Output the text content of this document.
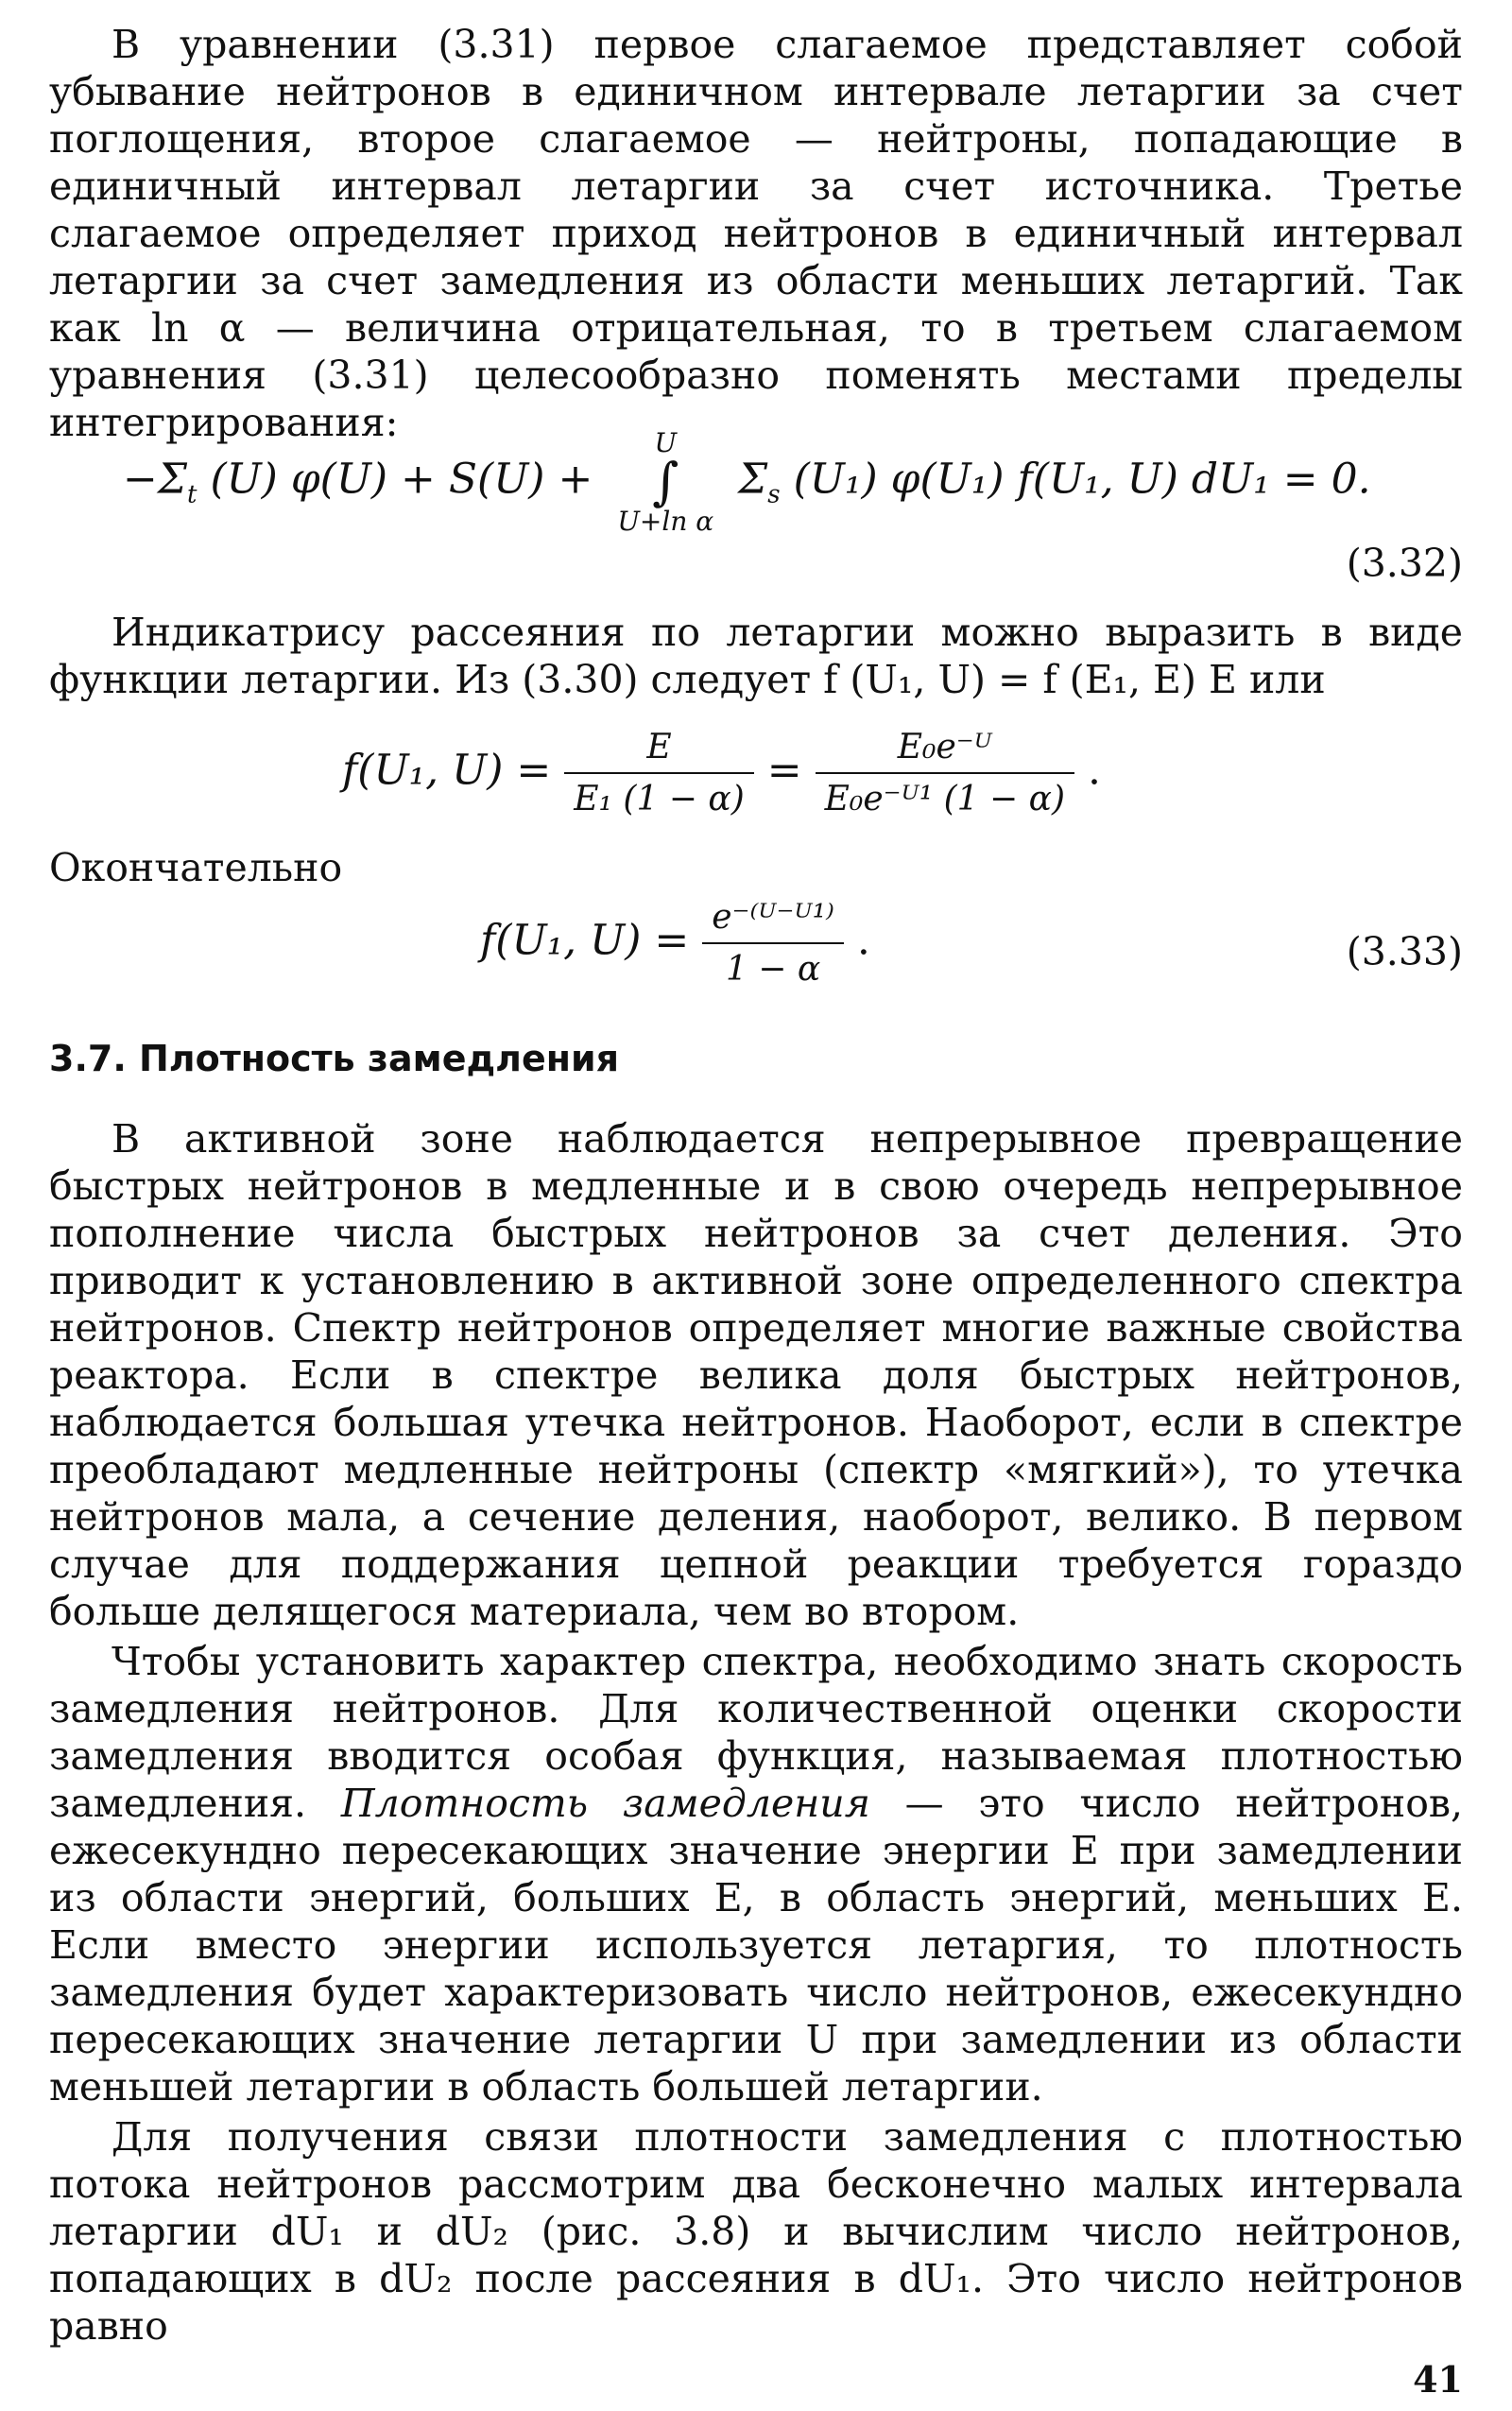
В уравнении (3.31) первое слагаемое представляет собой убывание нейтронов в единичном интервале летаргии за счет поглощения, второе слагаемое — нейтроны, попадающие в единичный интервал летаргии за счет источника. Третье слагаемое определяет приход нейтронов в единичный интервал летаргии за счет замедления из области меньших летаргий. Так как ln α — величина отрицательная, то в третьем слагаемом уравнения (3.31) целесообразно поменять местами пределы интегрирования:

$-\Sigma_t$ (U) φ(U) + S(U) +
U
∫
U+ln α
$\Sigma_s$ (U₁) φ(U₁) f(U₁, U) dU₁ = 0.
(3.32)

Индикатрису рассеяния по летаргии можно выразить в виде функции летаргии. Из (3.30) следует f (U₁, U) = f (E₁, E) E или

f(U₁, $U) = \frac{E}{\text{E₁ (1 − α)}} = \frac{\text{E₀e⁻ᵁ}}{\text{E₀e⁻ᵁ¹ (1 − α)}}$ .

Окончательно

f(U₁, $U) = \frac{\text{e⁻⁽ᵁ⁻ᵁ¹⁾}}{1 - \alpha}$ .	(3.33)
3.7. Плотность замедления

В активной зоне наблюдается непрерывное превращение быстрых нейтронов в медленные и в свою очередь непрерывное пополнение числа быстрых нейтронов за счет деления. Это приводит к установлению в активной зоне определенного спектра нейтронов. Спектр нейтронов определяет многие важные свойства реактора. Если в спектре велика доля быстрых нейтронов, наблюдается большая утечка нейтронов. Наоборот, если в спектре преобладают медленные нейтроны (спектр «мягкий»), то утечка нейтронов мала, а сечение деления, наоборот, велико. В первом случае для поддержания цепной реакции требуется гораздо больше делящегося материала, чем во втором.

Чтобы установить характер спектра, необходимо знать скорость замедления нейтронов. Для количественной оценки скорости замедления вводится особая функция, называемая плотностью замедления. Плотность замедления — это число нейтронов, ежесекундно пересекающих значение энергии E при замедлении из области энергий, больших E, в область энергий, меньших E. Если вместо энергии используется летаргия, то плотность замедления будет характеризовать число нейтронов, ежесекундно пересекающих значение летаргии U при замедлении из области меньшей летаргии в область большей летаргии.

Для получения связи плотности замедления с плотностью потока нейтронов рассмотрим два бесконечно малых интервала летаргии dU₁ и dU₂ (рис. 3.8) и вычислим число нейтронов, попадающих в dU₂ после рассеяния в dU₁. Это число нейтронов равно

41
